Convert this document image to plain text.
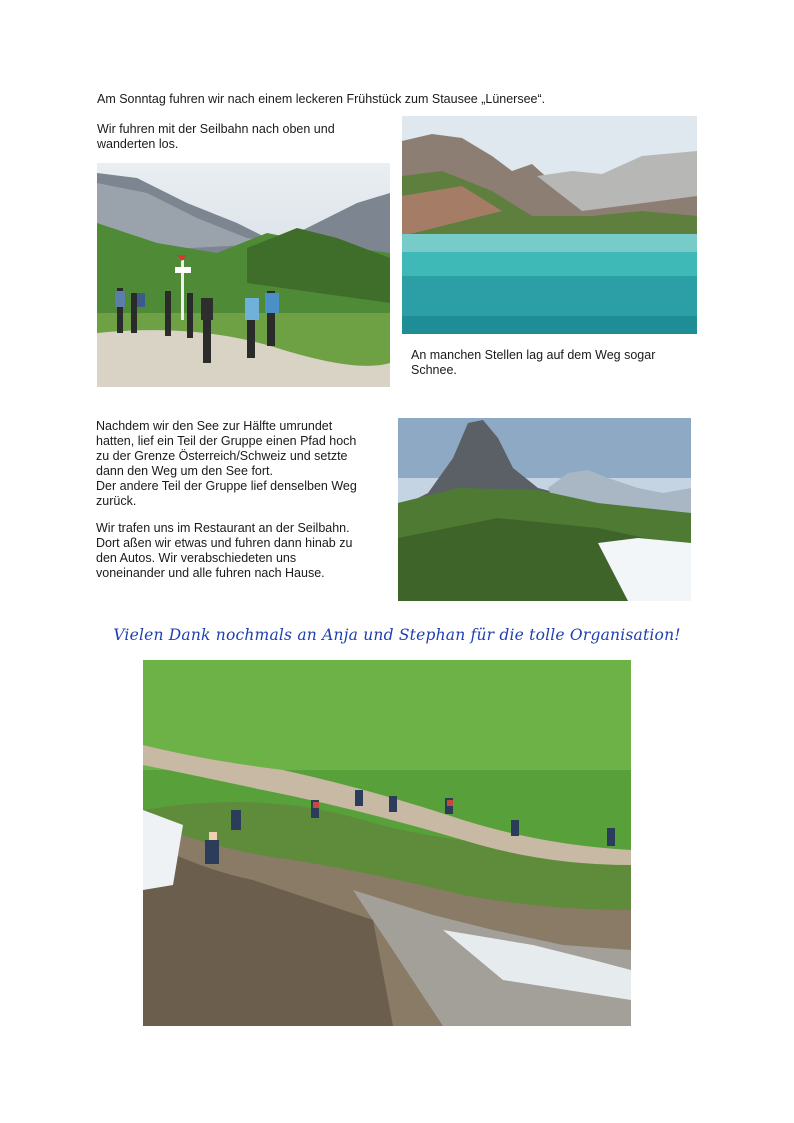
Am Sonntag fuhren wir nach einem leckeren Frühstück zum Stausee „Lünersee“.
Wir fuhren mit der Seilbahn nach oben und
wanderten los.
An manchen Stellen lag auf dem Weg sogar
Schnee.
Nachdem wir den See zur Hälfte umrundet
hatten, lief ein Teil der Gruppe einen Pfad hoch
zu der Grenze Österreich/Schweiz und setzte
dann den Weg um den See fort.
Der andere Teil der Gruppe lief denselben Weg
zurück.
Wir trafen uns im Restaurant an der Seilbahn.
Dort aßen wir etwas und fuhren dann hinab zu
den Autos. Wir verabschiedeten uns
voneinander und alle fuhren nach Hause.
Vielen Dank nochmals an Anja und Stephan für die tolle Organisation!
